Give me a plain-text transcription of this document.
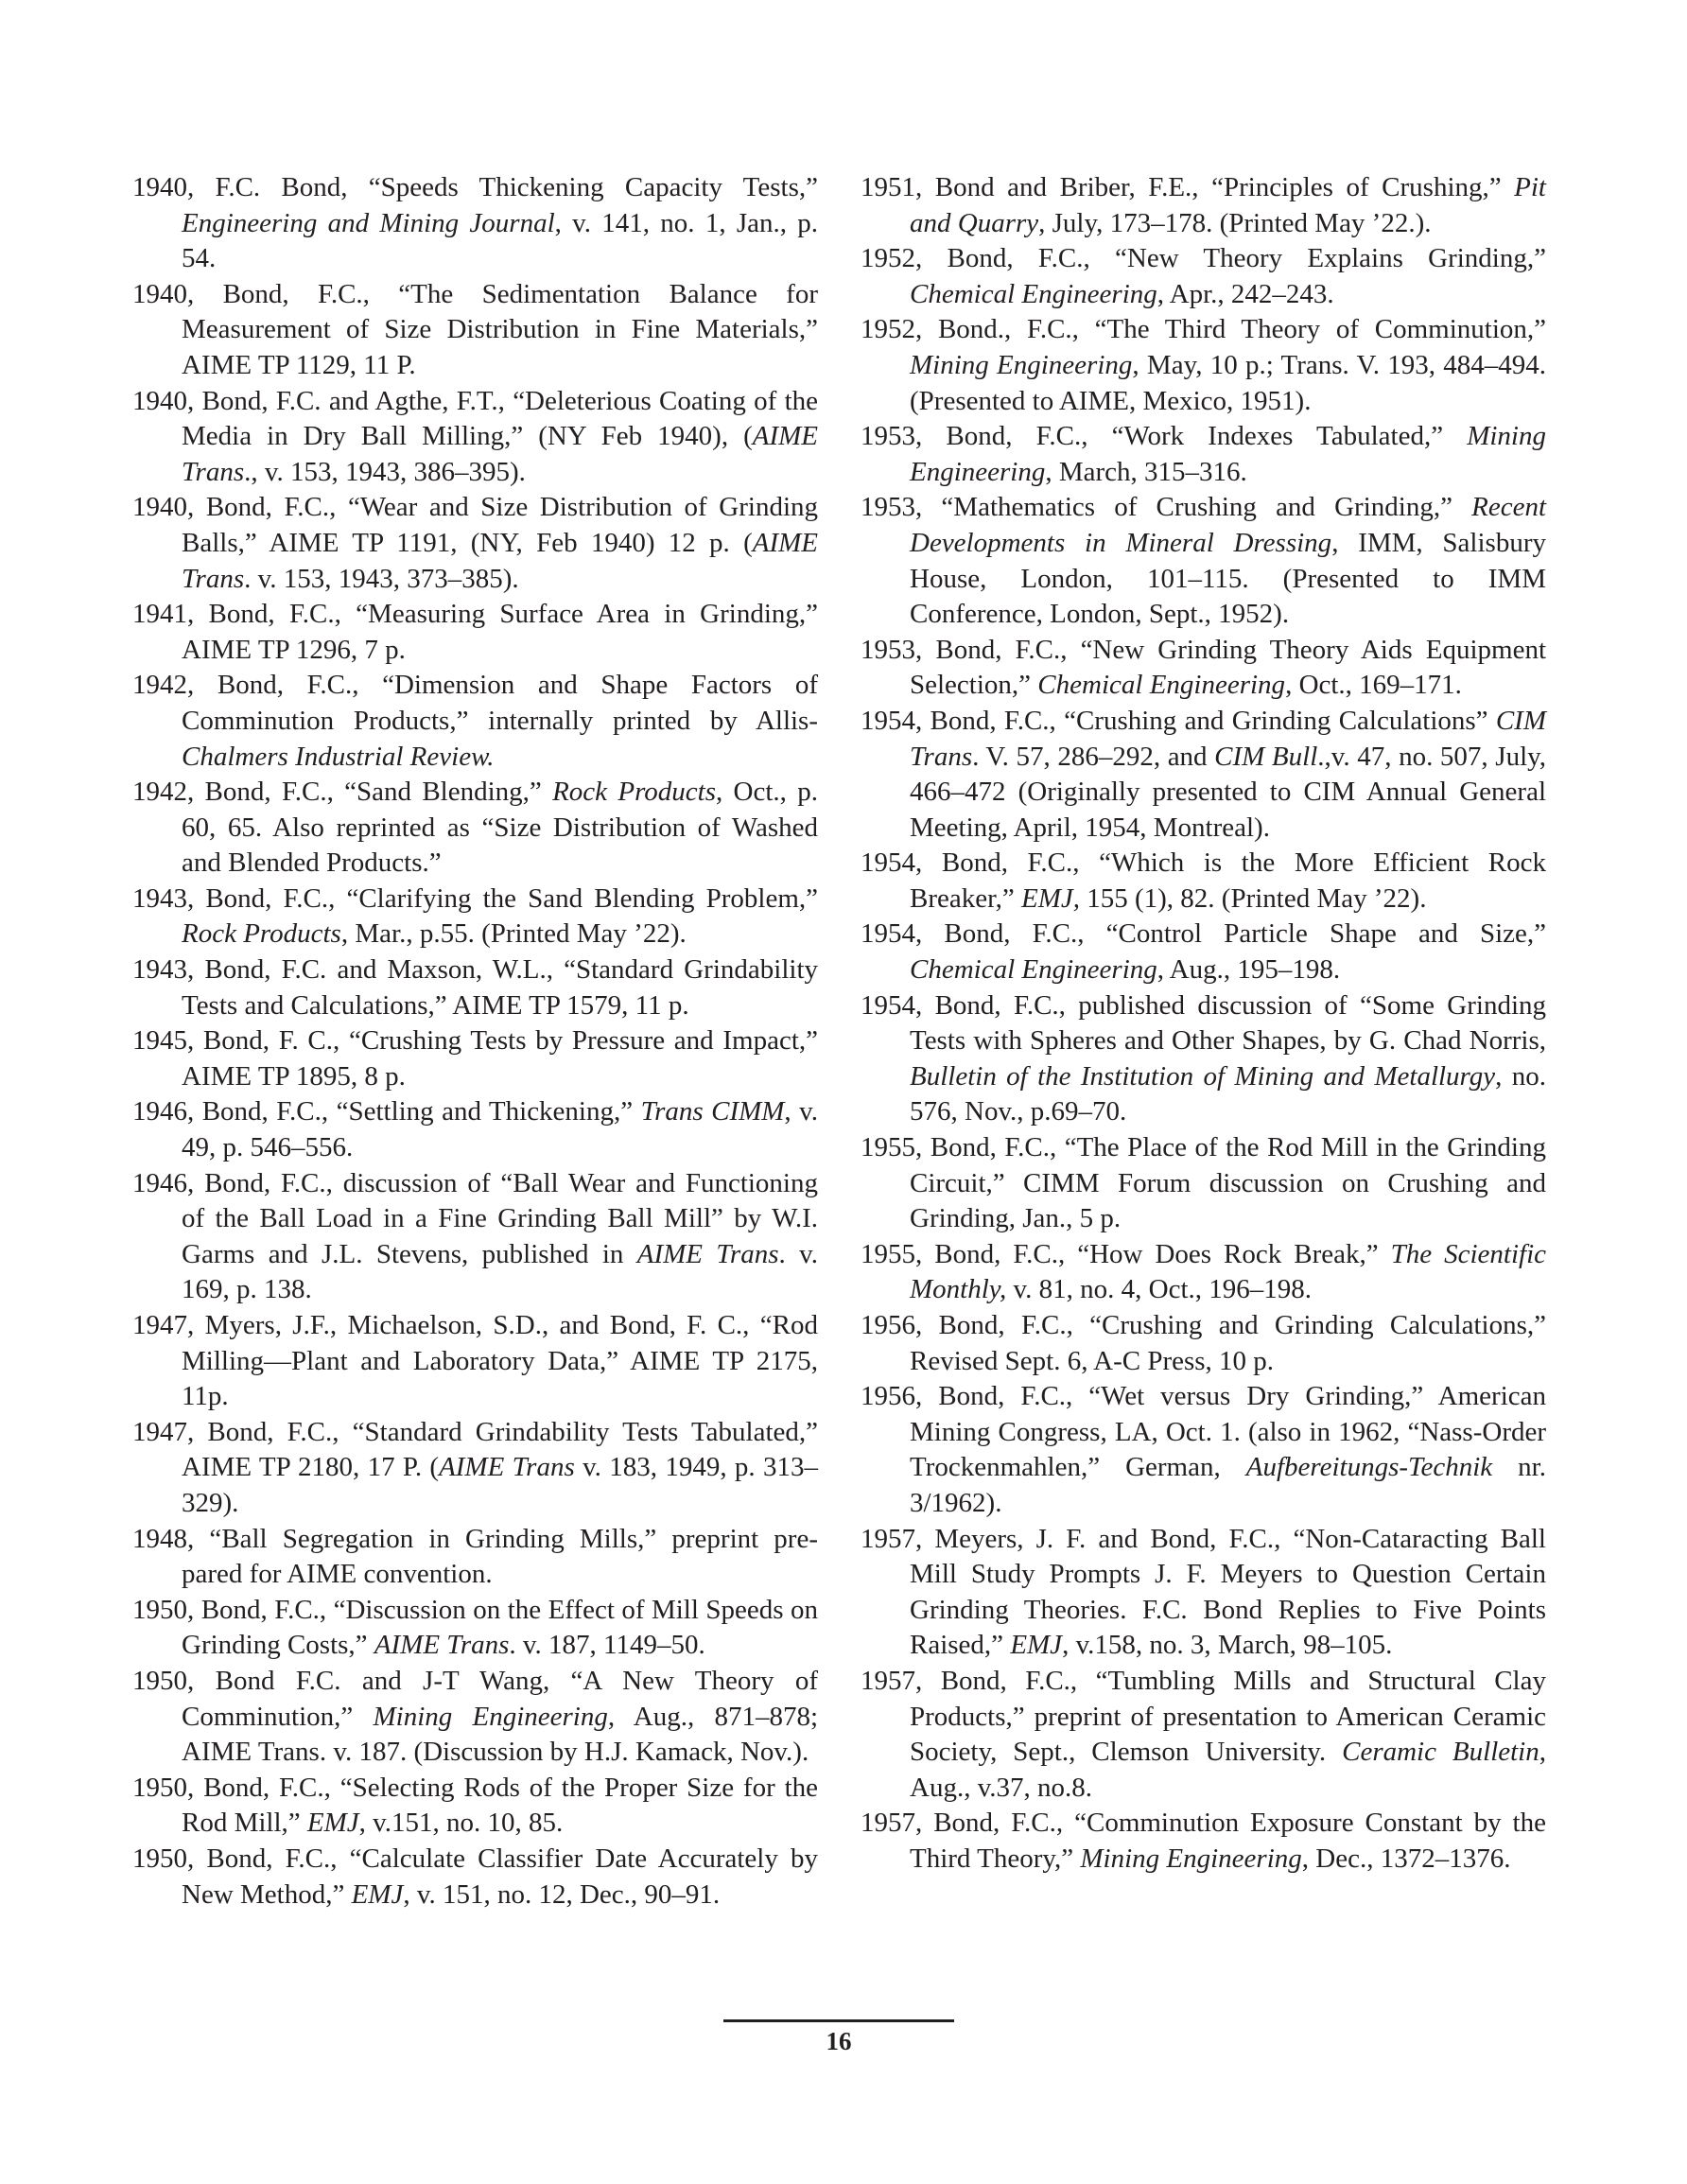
1940, F.C. Bond, “Speeds Thickening Capacity Tests,” Engineering and Mining Journal, v. 141, no. 1, Jan., p. 54.

1940, Bond, F.C., “The Sedimentation Balance for Measurement of Size Distribution in Fine Materials,” AIME TP 1129, 11 P.

1940, Bond, F.C. and Agthe, F.T., “Deleterious Coating of the Media in Dry Ball Milling,” (NY Feb 1940), (AIME Trans., v. 153, 1943, 386–395).

1940, Bond, F.C., “Wear and Size Distribution of Grinding Balls,” AIME TP 1191, (NY, Feb 1940) 12 p. (AIME Trans. v. 153, 1943, 373–385).

1941, Bond, F.C., “Measuring Surface Area in Grinding,” AIME TP 1296, 7 p.

1942, Bond, F.C., “Dimension and Shape Factors of Comminution Products,” internally printed by Allis-Chalmers Industrial Review.

1942, Bond, F.C., “Sand Blending,” Rock Products, Oct., p. 60, 65. Also reprinted as “Size Distribution of Washed and Blended Products.”

1943, Bond, F.C., “Clarifying the Sand Blending Problem,” Rock Products, Mar., p.55. (Printed May ’22).

1943, Bond, F.C. and Maxson, W.L., “Standard Grindability Tests and Calculations,” AIME TP 1579, 11 p.

1945, Bond, F. C., “Crushing Tests by Pressure and Impact,” AIME TP 1895, 8 p.

1946, Bond, F.C., “Settling and Thickening,” Trans CIMM, v. 49, p. 546–556.

1946, Bond, F.C., discussion of “Ball Wear and Functioning of the Ball Load in a Fine Grinding Ball Mill” by W.I. Garms and J.L. Stevens, published in AIME Trans. v. 169, p. 138.

1947, Myers, J.F., Michaelson, S.D., and Bond, F. C., “Rod Milling—Plant and Laboratory Data,” AIME TP 2175, 11p.

1947, Bond, F.C., “Standard Grindability Tests Tabulated,” AIME TP 2180, 17 P. (AIME Trans v. 183, 1949, p. 313–329).

1948, “Ball Segregation in Grinding Mills,” preprint pre-pared for AIME convention.

1950, Bond, F.C., “Discussion on the Effect of Mill Speeds on Grinding Costs,” AIME Trans. v. 187, 1149–50.

1950, Bond F.C. and J-T Wang, “A New Theory of Comminution,” Mining Engineering, Aug., 871–878; AIME Trans. v. 187. (Discussion by H.J. Kamack, Nov.).

1950, Bond, F.C., “Selecting Rods of the Proper Size for the Rod Mill,” EMJ, v.151, no. 10, 85.

1950, Bond, F.C., “Calculate Classifier Date Accurately by New Method,” EMJ, v. 151, no. 12, Dec., 90–91.

1951, Bond and Briber, F.E., “Principles of Crushing,” Pit and Quarry, July, 173–178. (Printed May ’22.).

1952, Bond, F.C., “New Theory Explains Grinding,” Chemical Engineering, Apr., 242–243.

1952, Bond., F.C., “The Third Theory of Comminution,” Mining Engineering, May, 10 p.; Trans. V. 193, 484–494. (Presented to AIME, Mexico, 1951).

1953, Bond, F.C., “Work Indexes Tabulated,” Mining Engineering, March, 315–316.

1953, “Mathematics of Crushing and Grinding,” Recent Developments in Mineral Dressing, IMM, Salisbury House, London, 101–115. (Presented to IMM Conference, London, Sept., 1952).

1953, Bond, F.C., “New Grinding Theory Aids Equipment Selection,” Chemical Engineering, Oct., 169–171.

1954, Bond, F.C., “Crushing and Grinding Calculations” CIM Trans. V. 57, 286–292, and CIM Bull.,v. 47, no. 507, July, 466–472 (Originally presented to CIM Annual General Meeting, April, 1954, Montreal).

1954, Bond, F.C., “Which is the More Efficient Rock Breaker,” EMJ, 155 (1), 82. (Printed May ’22).

1954, Bond, F.C., “Control Particle Shape and Size,” Chemical Engineering, Aug., 195–198.

1954, Bond, F.C., published discussion of “Some Grinding Tests with Spheres and Other Shapes, by G. Chad Norris, Bulletin of the Institution of Mining and Metallurgy, no. 576, Nov., p.69–70.

1955, Bond, F.C., “The Place of the Rod Mill in the Grinding Circuit,” CIMM Forum discussion on Crushing and Grinding, Jan., 5 p.

1955, Bond, F.C., “How Does Rock Break,” The Scientific Monthly, v. 81, no. 4, Oct., 196–198.

1956, Bond, F.C., “Crushing and Grinding Calculations,” Revised Sept. 6, A-C Press, 10 p.

1956, Bond, F.C., “Wet versus Dry Grinding,” American Mining Congress, LA, Oct. 1. (also in 1962, “Nass-Order Trockenmahlen,” German, Aufbereitungs-Technik nr. 3/1962).

1957, Meyers, J. F. and Bond, F.C., “Non-Cataracting Ball Mill Study Prompts J. F. Meyers to Question Certain Grinding Theories. F.C. Bond Replies to Five Points Raised,” EMJ, v.158, no. 3, March, 98–105.

1957, Bond, F.C., “Tumbling Mills and Structural Clay Products,” preprint of presentation to American Ceramic Society, Sept., Clemson University. Ceramic Bulletin, Aug., v.37, no.8.

1957, Bond, F.C., “Comminution Exposure Constant by the Third Theory,” Mining Engineering, Dec., 1372–1376.

16
